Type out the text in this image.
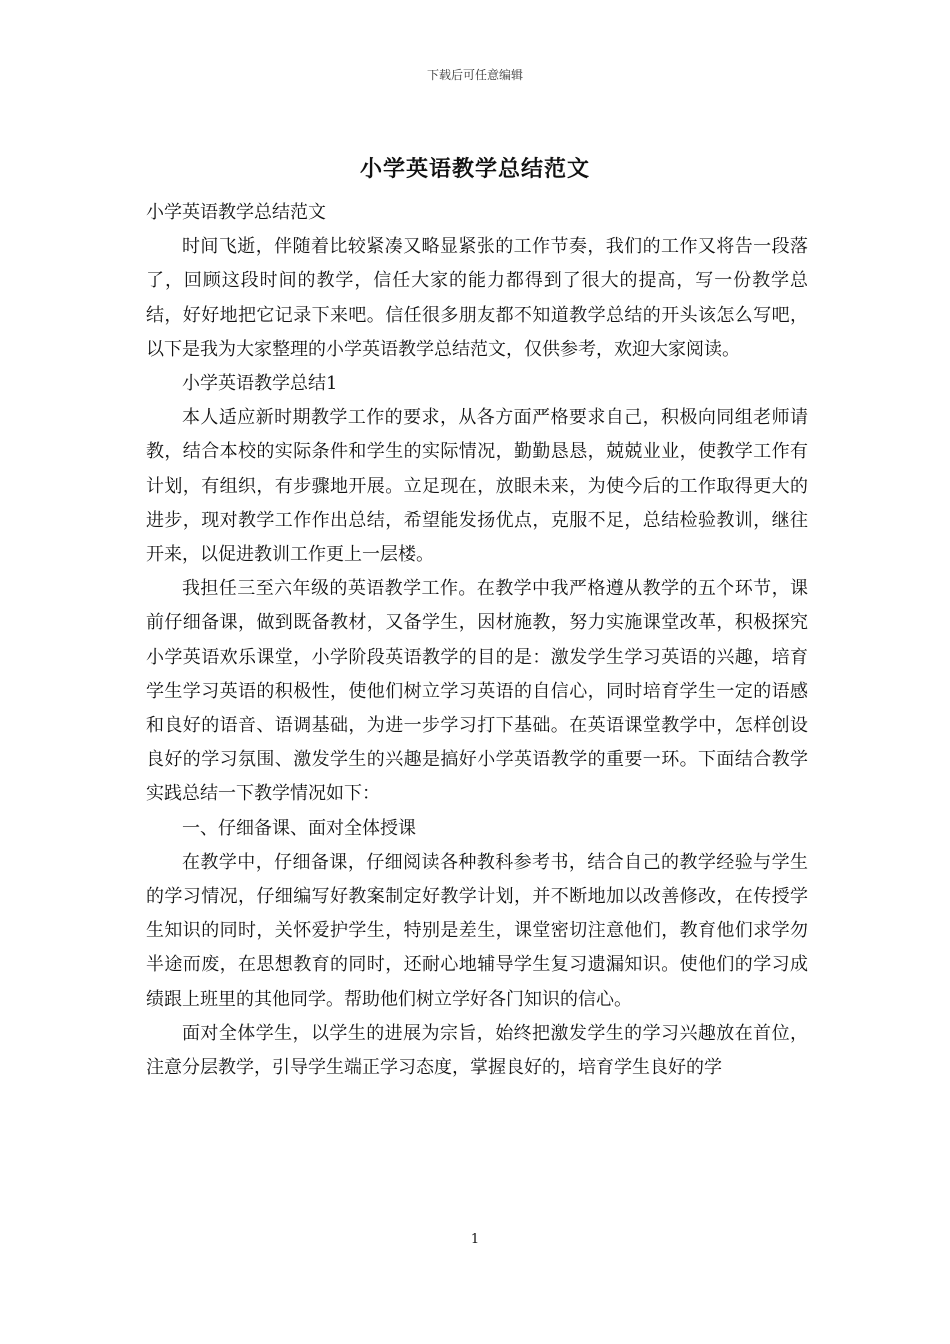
下载后可任意编辑
小学英语教学总结范文

小学英语教学总结范文

时间飞逝，伴随着比较紧凑又略显紧张的工作节奏，我们的工作又将告一段落了，回顾这段时间的教学，信任大家的能力都得到了很大的提高，写一份教学总结，好好地把它记录下来吧。信任很多朋友都不知道教学总结的开头该怎么写吧，以下是我为大家整理的小学英语教学总结范文，仅供参考，欢迎大家阅读。

小学英语教学总结1

本人适应新时期教学工作的要求，从各方面严格要求自己，积极向同组老师请教，结合本校的实际条件和学生的实际情况，勤勤恳恳，兢兢业业，使教学工作有计划，有组织，有步骤地开展。立足现在，放眼未来，为使今后的工作取得更大的进步，现对教学工作作出总结，希望能发扬优点，克服不足，总结检验教训，继往开来，以促进教训工作更上一层楼。

我担任三至六年级的英语教学工作。在教学中我严格遵从教学的五个环节，课前仔细备课，做到既备教材，又备学生，因材施教，努力实施课堂改革，积极探究小学英语欢乐课堂，小学阶段英语教学的目的是：激发学生学习英语的兴趣，培育学生学习英语的积极性，使他们树立学习英语的自信心，同时培育学生一定的语感和良好的语音、语调基础，为进一步学习打下基础。在英语课堂教学中，怎样创设良好的学习氛围、激发学生的兴趣是搞好小学英语教学的重要一环。下面结合教学实践总结一下教学情况如下：

一、仔细备课、面对全体授课

在教学中，仔细备课，仔细阅读各种教科参考书，结合自己的教学经验与学生的学习情况，仔细编写好教案制定好教学计划，并不断地加以改善修改，在传授学生知识的同时，关怀爱护学生，特别是差生，课堂密切注意他们，教育他们求学勿半途而废，在思想教育的同时，还耐心地辅导学生复习遗漏知识。使他们的学习成绩跟上班里的其他同学。帮助他们树立学好各门知识的信心。

面对全体学生，以学生的进展为宗旨，始终把激发学生的学习兴趣放在首位，注意分层教学，引导学生端正学习态度，掌握良好的，培育学生良好的学

1
